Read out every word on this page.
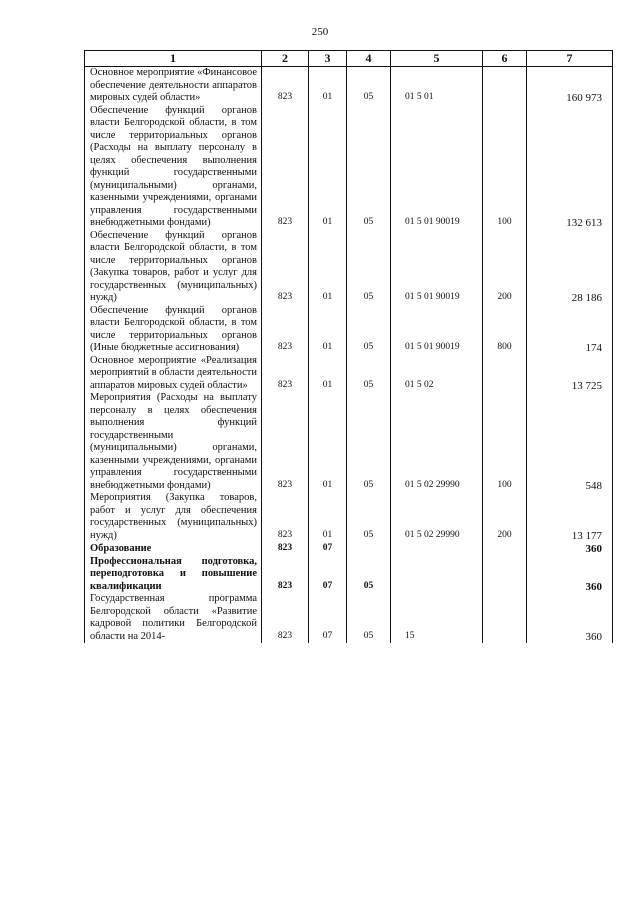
250
1	2	3	4	5	6	7
Основное мероприятие «Финансовое обеспечение деятельности аппаратов мировых судей области»	823	01	05	01 5 01		160 973
Обеспечение функций органов власти Белгородской области, в том числе территориальных органов (Расходы на выплату персоналу в целях обеспечения выполнения функций государственными (муниципальными) органами, казенными учреждениями, органами управления государственными внебюджетными фондами)	823	01	05	01 5 01 90019	100	132 613
Обеспечение функций органов власти Белгородской области, в том числе территориальных органов (Закупка товаров, работ и услуг для государственных (муниципальных) нужд)	823	01	05	01 5 01 90019	200	28 186
Обеспечение функций органов власти Белгородской области, в том числе территориальных органов (Иные бюджетные ассигнования)	823	01	05	01 5 01 90019	800	174
Основное мероприятие «Реализация мероприятий в области деятельности аппаратов мировых судей области»	823	01	05	01 5 02		13 725
Мероприятия (Расходы на выплату персоналу в целях обеспечения выполнения функций государственными (муниципальными) органами, казенными учреждениями, органами управления государственными внебюджетными фондами)	823	01	05	01 5 02 29990	100	548
Мероприятия (Закупка товаров, работ и услуг для обеспечения государственных (муниципальных) нужд)	823	01	05	01 5 02 29990	200	13 177
Образование	823	07				360
Профессиональная подготовка, переподготовка и повышение квалификации	823	07	05			360
Государственная программа Белгородской области «Развитие кадровой политики Белгородской области на 2014-	823	07	05	15		360
